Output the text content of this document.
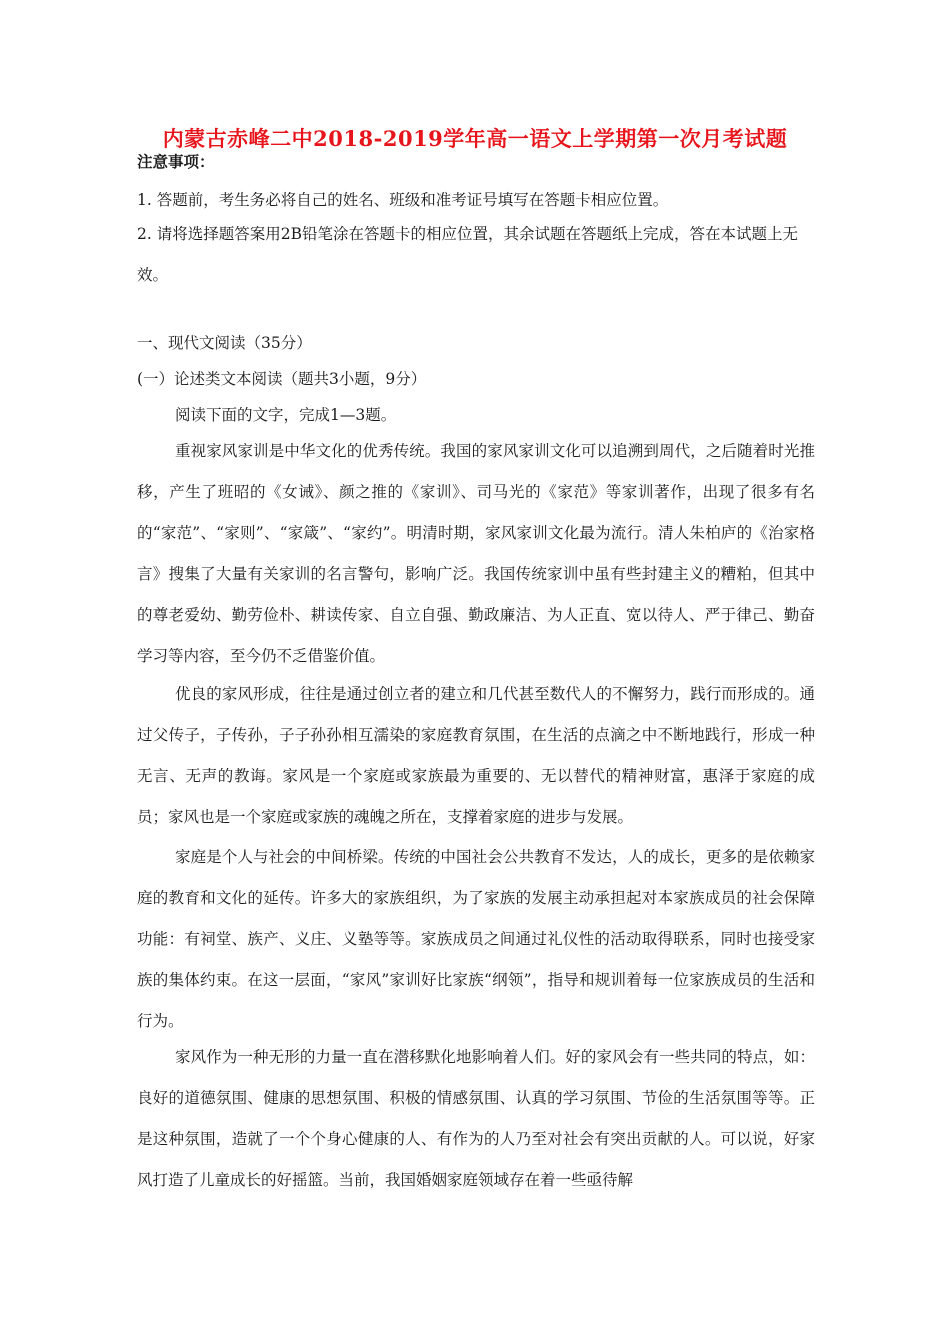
内蒙古赤峰二中2018-2019学年高一语文上学期第一次月考试题
注意事项：
1. 答题前，考生务必将自己的姓名、班级和准考证号填写在答题卡相应位置。
2. 请将选择题答案用2B铅笔涂在答题卡的相应位置，其余试题在答题纸上完成，答在本试题上无效。
一、现代文阅读（35分）
(一）论述类文本阅读（题共3小题，9分）
阅读下面的文字，完成1—3题。
重视家风家训是中华文化的优秀传统。我国的家风家训文化可以追溯到周代，之后随着时光推移，产生了班昭的《女诫》、颜之推的《家训》、司马光的《家范》等家训著作，出现了很多有名的“家范”、“家则”、“家箴”、“家约”。明清时期，家风家训文化最为流行。清人朱柏庐的《治家格言》搜集了大量有关家训的名言警句，影响广泛。我国传统家训中虽有些封建主义的糟粕，但其中的尊老爱幼、勤劳俭朴、耕读传家、自立自强、勤政廉洁、为人正直、宽以待人、严于律己、勤奋学习等内容，至今仍不乏借鉴价值。
优良的家风形成，往往是通过创立者的建立和几代甚至数代人的不懈努力，践行而形成的。通过父传子，子传孙，子子孙孙相互濡染的家庭教育氛围，在生活的点滴之中不断地践行，形成一种无言、无声的教诲。家风是一个家庭或家族最为重要的、无以替代的精神财富，惠泽于家庭的成员；家风也是一个家庭或家族的魂魄之所在，支撑着家庭的进步与发展。
家庭是个人与社会的中间桥梁。传统的中国社会公共教育不发达，人的成长，更多的是依赖家庭的教育和文化的延传。许多大的家族组织，为了家族的发展主动承担起对本家族成员的社会保障功能：有祠堂、族产、义庄、义塾等等。家族成员之间通过礼仪性的活动取得联系，同时也接受家族的集体约束。在这一层面，“家风”家训好比家族“纲领”，指导和规训着每一位家族成员的生活和行为。
家风作为一种无形的力量一直在潜移默化地影响着人们。好的家风会有一些共同的特点，如：良好的道德氛围、健康的思想氛围、积极的情感氛围、认真的学习氛围、节俭的生活氛围等等。正是这种氛围，造就了一个个身心健康的人、有作为的人乃至对社会有突出贡献的人。可以说，好家风打造了儿童成长的好摇篮。当前，我国婚姻家庭领域存在着一些亟待解
